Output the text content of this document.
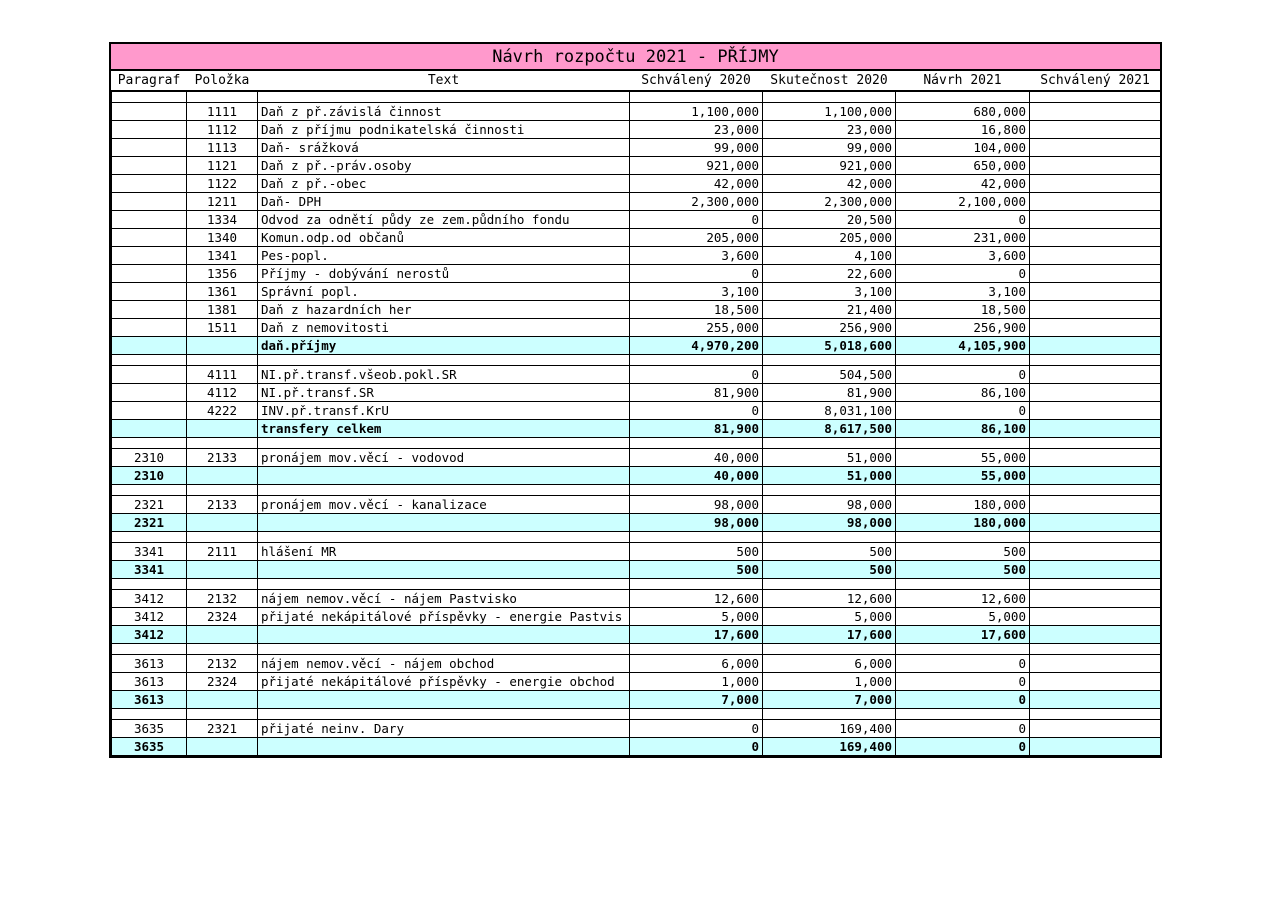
Návrh rozpočtu 2021 - PŘÍJMY
Paragraf	Položka	Text	Schválený 2020	Skutečnost 2020	Návrh 2021	Schválený 2021

	1111	Daň z př.závislá činnost	1,100,000	1,100,000	680,000	
	1112	Daň z příjmu podnikatelská činnosti	23,000	23,000	16,800	
	1113	Daň- srážková	99,000	99,000	104,000	
	1121	Daň z př.-práv.osoby	921,000	921,000	650,000	
	1122	Daň z př.-obec	42,000	42,000	42,000	
	1211	Daň- DPH	2,300,000	2,300,000	2,100,000	
	1334	Odvod za odnětí půdy ze zem.půdního fondu	0	20,500	0	
	1340	Komun.odp.od občanů	205,000	205,000	231,000	
	1341	Pes-popl.	3,600	4,100	3,600	
	1356	Příjmy - dobývání nerostů	0	22,600	0	
	1361	Správní popl.	3,100	3,100	3,100	
	1381	Daň z hazardních her	18,500	21,400	18,500	
	1511	Daň z nemovitosti	255,000	256,900	256,900	
		daň.příjmy	4,970,200	5,018,600	4,105,900	

	4111	NI.př.transf.všeob.pokl.SR	0	504,500	0	
	4112	NI.př.transf.SR	81,900	81,900	86,100	
	4222	INV.př.transf.KrU	0	8,031,100	0	
		transfery celkem	81,900	8,617,500	86,100	

2310	2133	pronájem mov.věcí - vodovod	40,000	51,000	55,000	
2310			40,000	51,000	55,000	

2321	2133	pronájem mov.věcí - kanalizace	98,000	98,000	180,000	
2321			98,000	98,000	180,000	

3341	2111	hlášení MR	500	500	500	
3341			500	500	500	

3412	2132	nájem nemov.věcí - nájem Pastvisko	12,600	12,600	12,600	
3412	2324	přijaté nekápitálové příspěvky - energie Pastvis	5,000	5,000	5,000	
3412			17,600	17,600	17,600	

3613	2132	nájem nemov.věcí - nájem obchod	6,000	6,000	0	
3613	2324	přijaté nekápitálové příspěvky - energie obchod	1,000	1,000	0	
3613			7,000	7,000	0	

3635	2321	přijaté neinv. Dary	0	169,400	0	
3635			0	169,400	0	
